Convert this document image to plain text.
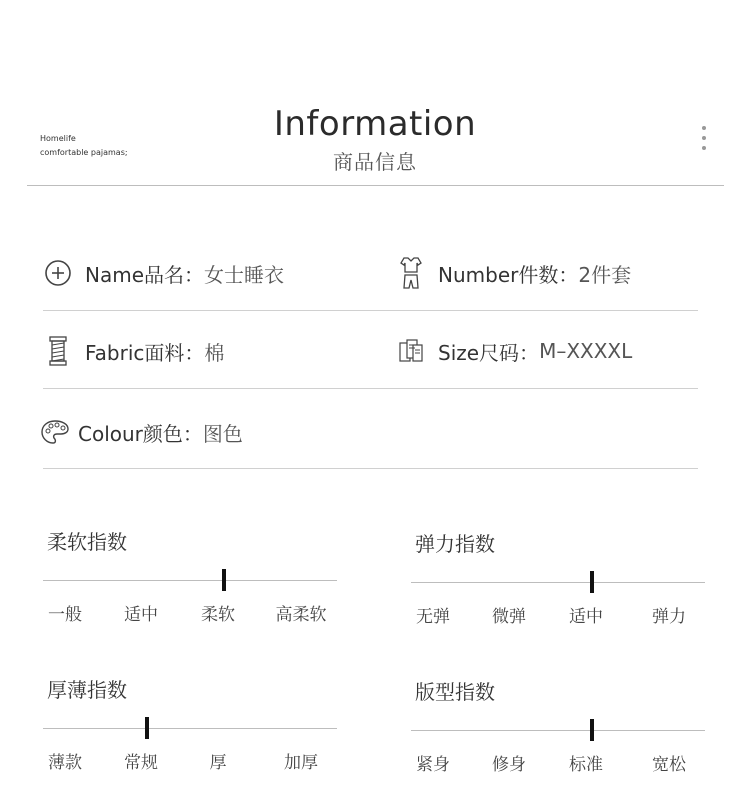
Homelife
comfortable pajamas;
Information
商品信息
Name品名： 女士睡衣	Number件数： 2件套
Fabric面料： 棉	Size尺码： M–XXXXL
Colour颜色： 图色
柔软指数
一般 适中	柔软 高柔软
弹力指数
无弹 微弹	适中	弹力
厚薄指数
薄款 常规	厚	加厚
版型指数
紧身 修身	标准	宽松
